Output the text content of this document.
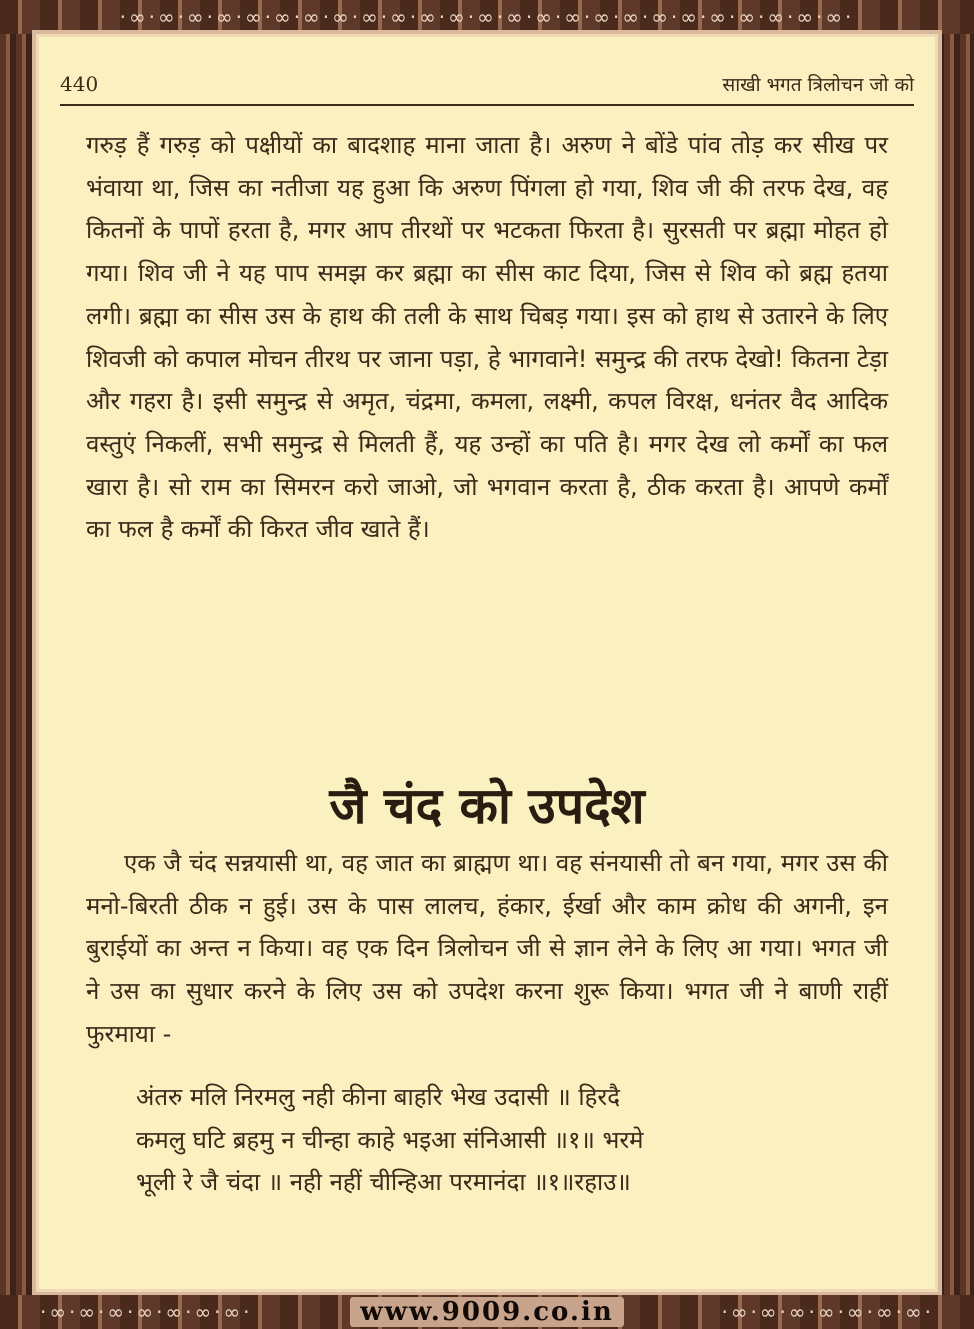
·∞·∞·∞·∞·∞·∞·∞·∞·∞·∞·∞·∞·∞·∞·∞·∞·∞·∞·∞·∞·∞·∞·∞·∞·∞·
440	साखी भगत त्रिलोचन जो को

गरुड़ हैं गरुड़ को पक्षीयों का बादशाह माना जाता है। अरुण ने बोंडे पांव तोड़ कर सीख पर भंवाया था, जिस का नतीजा यह हुआ कि अरुण पिंगला हो गया, शिव जी की तरफ देख, वह कितनों के पापों हरता है, मगर आप तीरथों पर भटकता फिरता है। सुरसती पर ब्रह्मा मोहत हो गया। शिव जी ने यह पाप समझ कर ब्रह्मा का सीस काट दिया, जिस से शिव को ब्रह्म हतया लगी। ब्रह्मा का सीस उस के हाथ की तली के साथ चिबड़ गया। इस को हाथ से उतारने के लिए शिवजी को कपाल मोचन तीरथ पर जाना पड़ा, हे भागवाने! समुन्द्र की तरफ देखो! कितना टेड़ा और गहरा है। इसी समुन्द्र से अमृत, चंद्रमा, कमला, लक्ष्मी, कपल विरक्ष, धनंतर वैद आदिक वस्तुएं निकलीं, सभी समुन्द्र से मिलती हैं, यह उन्हों का पति है। मगर देख लो कर्मों का फल खारा है। सो राम का सिमरन करो जाओ, जो भगवान करता है, ठीक करता है। आपणे कर्मों का फल है कर्मों की किरत जीव खाते हैं।

जै चंद को उपदेश

एक जै चंद सन्नयासी था, वह जात का ब्राह्मण था। वह संनयासी तो बन गया, मगर उस की मनो-बिरती ठीक न हुई। उस के पास लालच, हंकार, ईर्खा और काम क्रोध की अगनी, इन बुराईयों का अन्त न किया। वह एक दिन त्रिलोचन जी से ज्ञान लेने के लिए आ गया। भगत जी ने उस का सुधार करने के लिए उस को उपदेश करना शुरू किया। भगत जी ने बाणी राहीं फुरमाया -

अंतरु मलि निरमलु नही कीना बाहरि भेख उदासी ॥ हिरदै

कमलु घटि ब्रहमु न चीन्हा काहे भइआ संनिआसी ॥१॥ भरमे

भूली रे जै चंदा ॥ नही नहीं चीन्हिआ परमानंदा ॥१॥रहाउ॥

·∞·∞·∞·∞·∞·∞·∞·	www.9009.co.in	·∞·∞·∞·∞·∞·∞·∞·
